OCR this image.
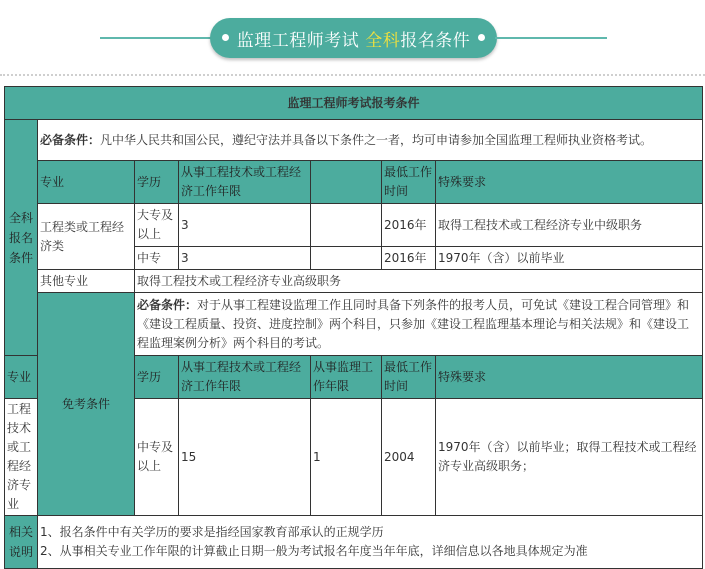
监理工程师考试 全科报名条件
监理工程师考试报考条件						
全科报名条件	必备条件：凡中华人民共和国公民，遵纪守法并具备以下条件之一者，均可申请参加全国监理工程师执业资格考试。					
	专业	学历	从事工程技术或工程经济工作年限		最低工作时间	特殊要求
	工程类或工程经济类	大专及以上	3		2016年	取得工程技术或工程经济专业中级职务
		中专	3		2016年	1970年（含）以前毕业
	其他专业	取得工程技术或工程经济专业高级职务				
	免考条件	必备条件：对于从事工程建设监理工作且同时具备下列条件的报考人员，可免试《建设工程合同管理》和《建设工程质量、投资、进度控制》两个科目，只参加《建设工程监理基本理论与相关法规》和《建设工程监理案例分析》两个科目的考试。				
专业		学历	从事工程技术或工程经济工作年限	从事监理工作年限	最低工作时间	特殊要求
工程技术或工程经济专业		中专及以上	15	1	2004	1970年（含）以前毕业；取得工程技术或工程经济专业高级职务；
相关说明	1、报名条件中有关学历的要求是指经国家教育部承认的正规学历
2、从事相关专业工作年限的计算截止日期一般为考试报名年度当年年底，详细信息以各地具体规定为准					
